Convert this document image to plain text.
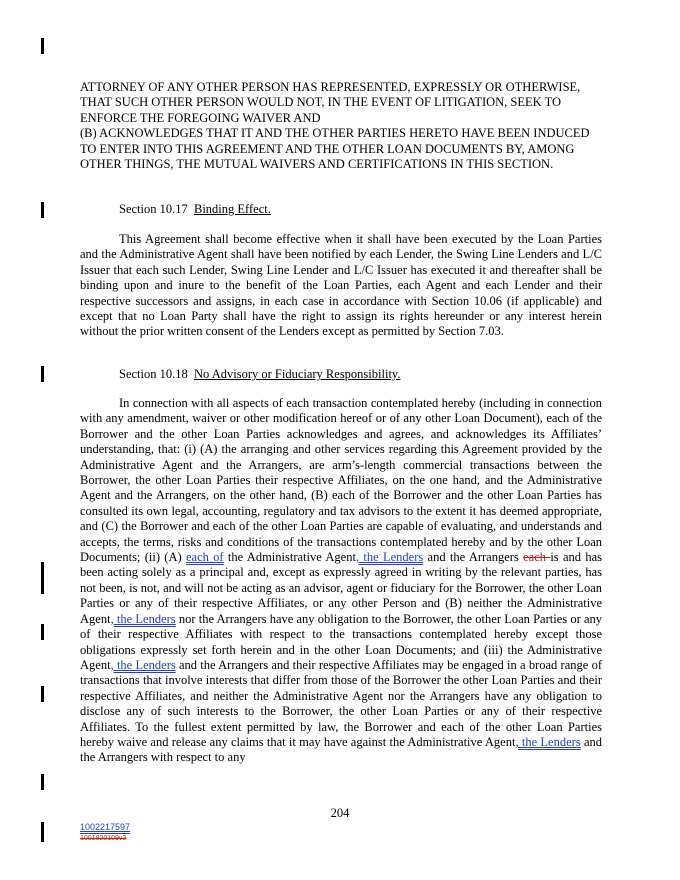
ATTORNEY OF ANY OTHER PERSON HAS REPRESENTED, EXPRESSLY OR OTHERWISE, THAT SUCH OTHER PERSON WOULD NOT, IN THE EVENT OF LITIGATION, SEEK TO ENFORCE THE FOREGOING WAIVER AND
(B) ACKNOWLEDGES THAT IT AND THE OTHER PARTIES HERETO HAVE BEEN INDUCED TO ENTER INTO THIS AGREEMENT AND THE OTHER LOAN DOCUMENTS BY, AMONG OTHER THINGS, THE MUTUAL WAIVERS AND CERTIFICATIONS IN THIS SECTION.
Section 10.17 Binding Effect.
This Agreement shall become effective when it shall have been executed by the Loan Parties and the Administrative Agent shall have been notified by each Lender, the Swing Line Lenders and L/C Issuer that each such Lender, Swing Line Lender and L/C Issuer has executed it and thereafter shall be binding upon and inure to the benefit of the Loan Parties, each Agent and each Lender and their respective successors and assigns, in each case in accordance with Section 10.06 (if applicable) and except that no Loan Party shall have the right to assign its rights hereunder or any interest herein without the prior written consent of the Lenders except as permitted by Section 7.03.
Section 10.18 No Advisory or Fiduciary Responsibility.
In connection with all aspects of each transaction contemplated hereby (including in connection with any amendment, waiver or other modification hereof or of any other Loan Document), each of the Borrower and the other Loan Parties acknowledges and agrees, and acknowledges its Affiliates’ understanding, that: (i) (A) the arranging and other services regarding this Agreement provided by the Administrative Agent and the Arrangers, are arm’s-length commercial transactions between the Borrower, the other Loan Parties their respective Affiliates, on the one hand, and the Administrative Agent and the Arrangers, on the other hand, (B) each of the Borrower and the other Loan Parties has consulted its own legal, accounting, regulatory and tax advisors to the extent it has deemed appropriate, and (C) the Borrower and each of the other Loan Parties are capable of evaluating, and understands and accepts, the terms, risks and conditions of the transactions contemplated hereby and by the other Loan Documents; (ii) (A) each of the Administrative Agent, the Lenders and the Arrangers each is and has been acting solely as a principal and, except as expressly agreed in writing by the relevant parties, has not been, is not, and will not be acting as an advisor, agent or fiduciary for the Borrower, the other Loan Parties or any of their respective Affiliates, or any other Person and (B) neither the Administrative Agent, the Lenders nor the Arrangers have any obligation to the Borrower, the other Loan Parties or any of their respective Affiliates with respect to the transactions contemplated hereby except those obligations expressly set forth herein and in the other Loan Documents; and (iii) the Administrative Agent, the Lenders and the Arrangers and their respective Affiliates may be engaged in a broad range of transactions that involve interests that differ from those of the Borrower the other Loan Parties and their respective Affiliates, and neither the Administrative Agent nor the Arrangers have any obligation to disclose any of such interests to the Borrower, the other Loan Parties or any of their respective Affiliates. To the fullest extent permitted by law, the Borrower and each of the other Loan Parties hereby waive and release any claims that it may have against the Administrative Agent, the Lenders and the Arrangers with respect to any
204
1002217597
1001820109v3
